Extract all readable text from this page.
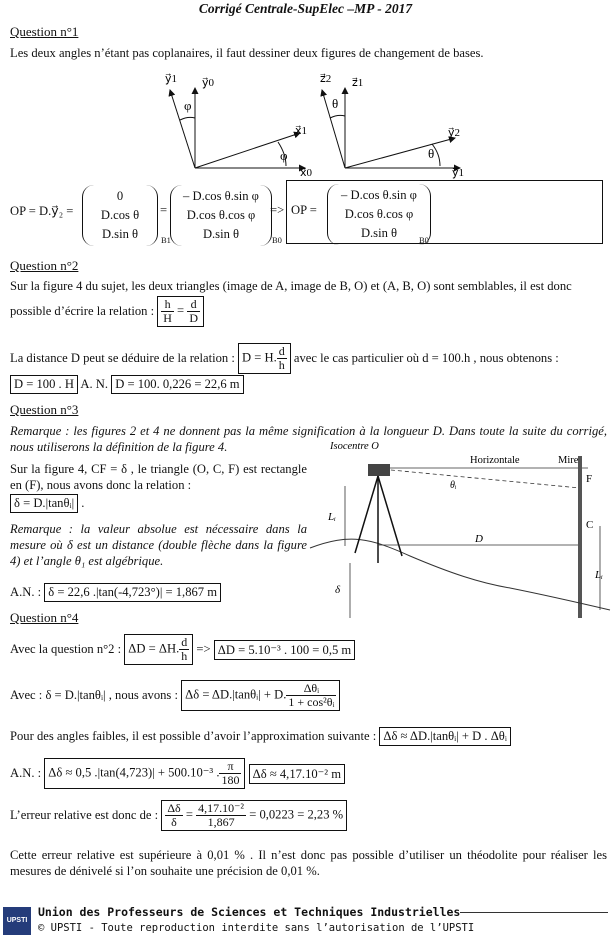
Corrigé Centrale-SupElec –MP - 2017
Question n°1
Les deux angles n’étant pas coplanaires, il faut dessiner deux figures de changement de bases.
y⃗1 y⃗0
x⃗1
x⃗0
φ
φ
z⃗2 z⃗1
y⃗2
y⃗1
θ
θ
OP = D.y⃗₂ =
0
D.cos θ
D.sin θ	B1
=
– D.cos θ.sin φ
D.cos θ.cos φ
D.sin θ	B0
=> OP =
– D.cos θ.sin φ
D.cos θ.cos φ
D.sin θ	B0
Question n°2
Sur la figure 4 du sujet, les deux triangles (image de A, image de B, O) et (A, B, O) sont semblables, il est donc
possible d’écrire la relation : $\frac{h}{H} = \frac{d}{D}$
La distance D peut se déduire de la relation : D = H. $\frac{d}{h}$ avec le cas particulier où d = 100.h , nous obtenons :
D = 100 . H A. N. D = 100. 0,226 = 22,6 m
Question n°3
Remarque : les figures 2 et 4 ne donnent pas la même signification à la longueur D. Dans toute la suite du corrigé, nous utiliserons la définition de la figure 4.
Sur la figure 4, CF = δ , le triangle (O, C, F) est rectangle en (F), nous avons donc la relation :
δ = D.|tanθᵢ| .
Remarque : la valeur absolue est nécessaire dans la mesure où δ est un distance (double flèche dans la figure 4) et l’angle θ₁ est algébrique.
A.N. : δ = 22,6 .|tan(-4,723°)| = 1,867 m
Isocentre O
Horizontale	Mire
F
C
D
Lᵢ
Lᵢ
δ
θᵢ
Question n°4
Avec la question n°2 : ΔD = ΔH. $\frac{d}{h} => \Delta D = 5.10^{-3}$ . 100 = 0,5 m
Avec : δ = D.|tanθᵢ| , nous avons : Δδ = ΔD.|tanθᵢ| + D. $\frac{\text{Δθᵢ}}{\text{1 + cos²θᵢ}}$
Pour des angles faibles, il est possible d’avoir l’approximation suivante : Δδ ≈ ΔD.|tanθᵢ| + D . Δθᵢ
A.N. : Δδ ≈ 0,5 .|tan(4,723)| + 500.10⁻³ . $\frac{\pi}{180}$ Δδ ≈ 4,17.10⁻² m
L’erreur relative est donc de : $\frac{\Delta\delta}{\delta} = \frac{\text{4,17.10⁻²}}{1,867} = 0,0223 = 2,23$ %
Cette erreur relative est supérieure à 0,01 % . Il n’est donc pas possible d’utiliser un théodolite pour réaliser les mesures de dénivelé si l’on souhaite une précision de 0,01 %.
UPSTI
Union des Professeurs de Sciences et Techniques Industrielles
© UPSTI - Toute reproduction interdite sans l’autorisation de l’UPSTI
